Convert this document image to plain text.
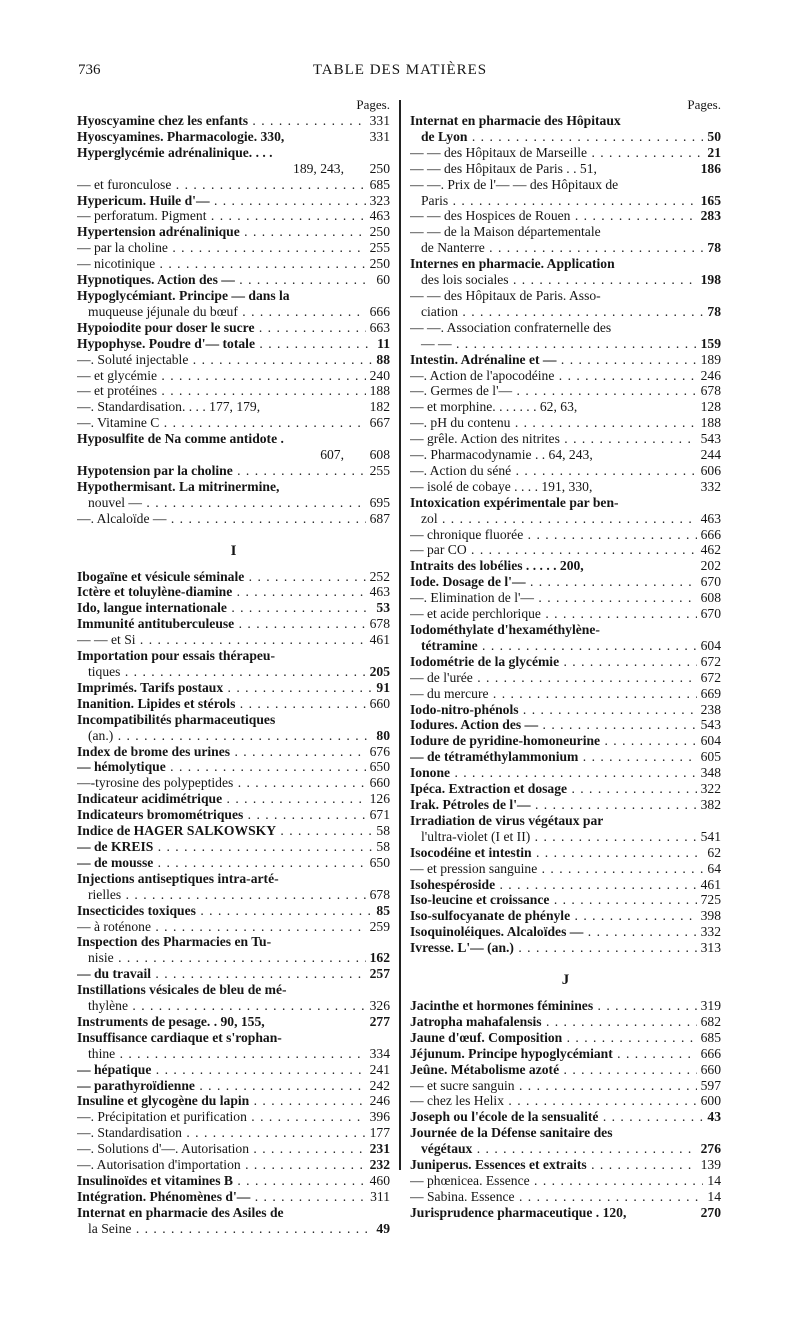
TABLE DES MATIÈRES
736
Pages.
Hyoscyamine chez les enfants . . .	331
Hyoscyamines. Pharmacologie. 330,	331
Hyperglycémie adrénalinique. . . .
189, 243,	250
— et furonculose . . .	685
Hypericum. Huile d'— . . .	323
— perforatum. Pigment . . .	463
Hypertension adrénalinique . . .	250
— par la choline . . .	255
— nicotinique . . .	250
Hypnotiques. Action des — . . .	60
Hypoglycémiant. Principe — dans la
muqueuse jéjunale du bœuf . . .	666
Hypoiodite pour doser le sucre . . .	663
Hypophyse. Poudre d'— totale . . .	11
—. Soluté injectable . . .	88
— et glycémie . . .	240
— et protéines . . .	188
—. Standardisation. . . . 177, 179,	182
—. Vitamine C . . .	667
Hyposulfite de Na comme antidote .
607,	608
Hypotension par la choline . . .	255
Hypothermisant. La mitrinermine,
nouvel — . . .	695
—. Alcaloïde — . . .	687
I
Ibogaïne et vésicule séminale . . .	252
Ictère et toluylène-diamine . . .	463
Ido, langue internationale . . .	53
Immunité antituberculeuse . . .	678
— — et Si . . .	461
Importation pour essais thérapeu-
tiques . . .	205
Imprimés. Tarifs postaux . . .	91
Inanition. Lipides et stérols . . .	660
Incompatibilités pharmaceutiques
(an.) . . .	80
Index de brome des urines . . .	676
— hémolytique . . .	650
—-tyrosine des polypeptides . . .	660
Indicateur acidimétrique . . .	126
Indicateurs bromométriques . . .	671
Indice de HAGER SALKOWSKY . . .	58
— de KREIS . . .	58
— de mousse . . .	650
Injections antiseptiques intra-arté-
rielles . . .	678
Insecticides toxiques . . .	85
— à roténone . . .	259
Inspection des Pharmacies en Tu-
nisie . . .	162
— du travail . . .	257
Instillations vésicales de bleu de mé-
thylène . . .	326
Instruments de pesage. . 90, 155,	277
Insuffisance cardiaque et s'rophan-
thine . . .	334
— hépatique . . .	241
— parathyroïdienne . . .	242
Insuline et glycogène du lapin . . .	246
—. Précipitation et purification . . .	396
—. Standardisation . . .	177
—. Solutions d'—. Autorisation . . .	231
—. Autorisation d'importation . . .	232
Insulinoïdes et vitamines B . . .	460
Intégration. Phénomènes d'— . . .	311
Internat en pharmacie des Asiles de
la Seine . . .	49
Pages.
Internat en pharmacie des Hôpitaux
de Lyon . . .	50
— — des Hôpitaux de Marseille . . .	21
— — des Hôpitaux de Paris . . 51,	186
— —. Prix de l'— — des Hôpitaux de
Paris . . .	165
— — des Hospices de Rouen . . .	283
— — de la Maison départementale
de Nanterre . . .	78
Internes en pharmacie. Application
des lois sociales . . .	198
— — des Hôpitaux de Paris. Asso-
ciation . . .	78
— —. Association confraternelle des
— — . . .	159
Intestin. Adrénaline et — . . .	189
—. Action de l'apocodéine . . .	246
—. Germes de l'— . . .	678
— et morphine. . . . . . . 62, 63,	128
—. pH du contenu . . .	188
— grêle. Action des nitrites . . .	543
—. Pharmacodynamie . . 64, 243,	244
—. Action du séné . . .	606
— isolé de cobaye . . . . 191, 330,	332
Intoxication expérimentale par ben-
zol . . .	463
— chronique fluorée . . .	666
— par CO . . .	462
Intraits des lobélies . . . . . 200,	202
Iode. Dosage de l'— . . .	670
—. Elimination de l'— . . .	608
— et acide perchlorique . . .	670
Iodométhylate d'hexaméthylène-
tétramine . . .	604
Iodométrie de la glycémie . . .	672
— de l'urée . . .	672
— du mercure . . .	669
Iodo-nitro-phénols . . .	238
Iodures. Action des — . . .	543
Iodure de pyridine-homoneurine . . .	604
— de tétraméthylammonium . . .	605
Ionone . . .	348
Ipéca. Extraction et dosage . . .	322
Irak. Pétroles de l'— . . .	382
Irradiation de virus végétaux par
l'ultra-violet (I et II) . . .	541
Isocodéine et intestin . . .	62
— et pression sanguine . . .	64
Isohespéroside . . .	461
Iso-leucine et croissance . . .	725
Iso-sulfocyanate de phényle . . .	398
Isoquinoléiques. Alcaloïdes — . . .	332
Ivresse. L'— (an.) . . .	313
J
Jacinthe et hormones féminines . . .	319
Jatropha mahafalensis . . .	682
Jaune d'œuf. Composition . . .	685
Jéjunum. Principe hypoglycémiant . . .	666
Jeûne. Métabolisme azoté . . .	660
— et sucre sanguin . . .	597
— chez les Helix . . .	600
Joseph ou l'école de la sensualité . . .	43
Journée de la Défense sanitaire des
végétaux . . .	276
Juniperus. Essences et extraits . . .	139
— phœnicea. Essence . . .	14
— Sabina. Essence . . .	14
Jurisprudence pharmaceutique . 120,	270
